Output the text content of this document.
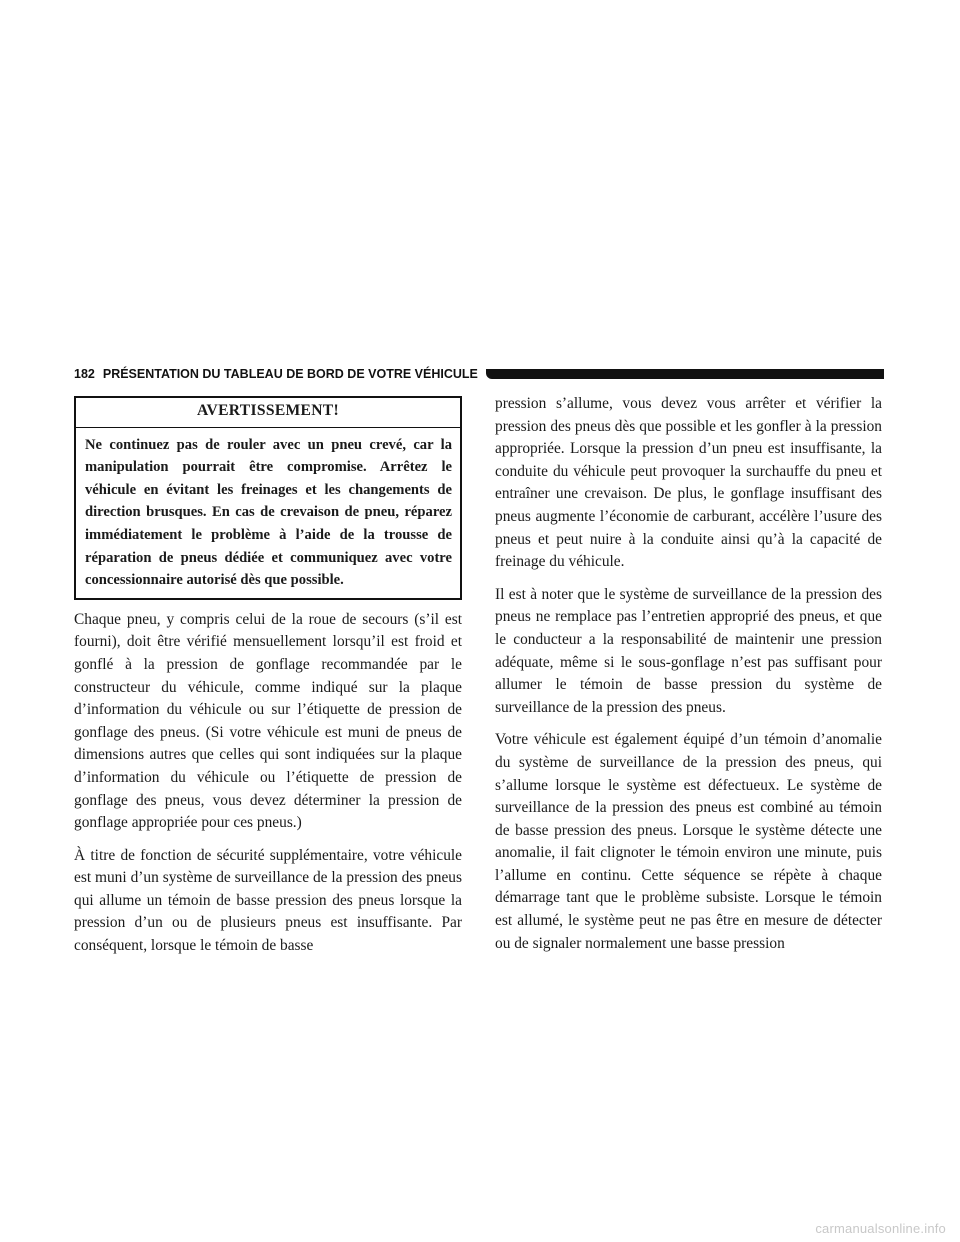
182 PRÉSENTATION DU TABLEAU DE BORD DE VOTRE VÉHICULE
AVERTISSEMENT!
Ne continuez pas de rouler avec un pneu crevé, car la manipulation pourrait être compromise. Arrêtez le véhicule en évitant les freinages et les changements de direction brusques. En cas de crevaison de pneu, réparez immédiatement le problème à l’aide de la trousse de réparation de pneus dédiée et communiquez avec votre concessionnaire autorisé dès que possible.

Chaque pneu, y compris celui de la roue de secours (s’il est fourni), doit être vérifié mensuellement lorsqu’il est froid et gonflé à la pression de gonflage recommandée par le constructeur du véhicule, comme indiqué sur la plaque d’information du véhicule ou sur l’étiquette de pression de gonflage des pneus. (Si votre véhicule est muni de pneus de dimensions autres que celles qui sont indiquées sur la plaque d’information du véhicule ou l’étiquette de pression de gonflage des pneus, vous devez déterminer la pression de gonflage appropriée pour ces pneus.)

À titre de fonction de sécurité supplémentaire, votre véhicule est muni d’un système de surveillance de la pression des pneus qui allume un témoin de basse pression des pneus lorsque la pression d’un ou de plusieurs pneus est insuffisante. Par conséquent, lorsque le témoin de basse

pression s’allume, vous devez vous arrêter et vérifier la pression des pneus dès que possible et les gonfler à la pression appropriée. Lorsque la pression d’un pneu est insuffisante, la conduite du véhicule peut provoquer la surchauffe du pneu et entraîner une crevaison. De plus, le gonflage insuffisant des pneus augmente l’économie de carburant, accélère l’usure des pneus et peut nuire à la conduite ainsi qu’à la capacité de freinage du véhicule.

Il est à noter que le système de surveillance de la pression des pneus ne remplace pas l’entretien approprié des pneus, et que le conducteur a la responsabilité de maintenir une pression adéquate, même si le sous-gonflage n’est pas suffisant pour allumer le témoin de basse pression du système de surveillance de la pression des pneus.

Votre véhicule est également équipé d’un témoin d’anomalie du système de surveillance de la pression des pneus, qui s’allume lorsque le système est défectueux. Le système de surveillance de la pression des pneus est combiné au témoin de basse pression des pneus. Lorsque le système détecte une anomalie, il fait clignoter le témoin environ une minute, puis l’allume en continu. Cette séquence se répète à chaque démarrage tant que le problème subsiste. Lorsque le témoin est allumé, le système peut ne pas être en mesure de détecter ou de signaler normalement une basse pression

carmanualsonline.info
